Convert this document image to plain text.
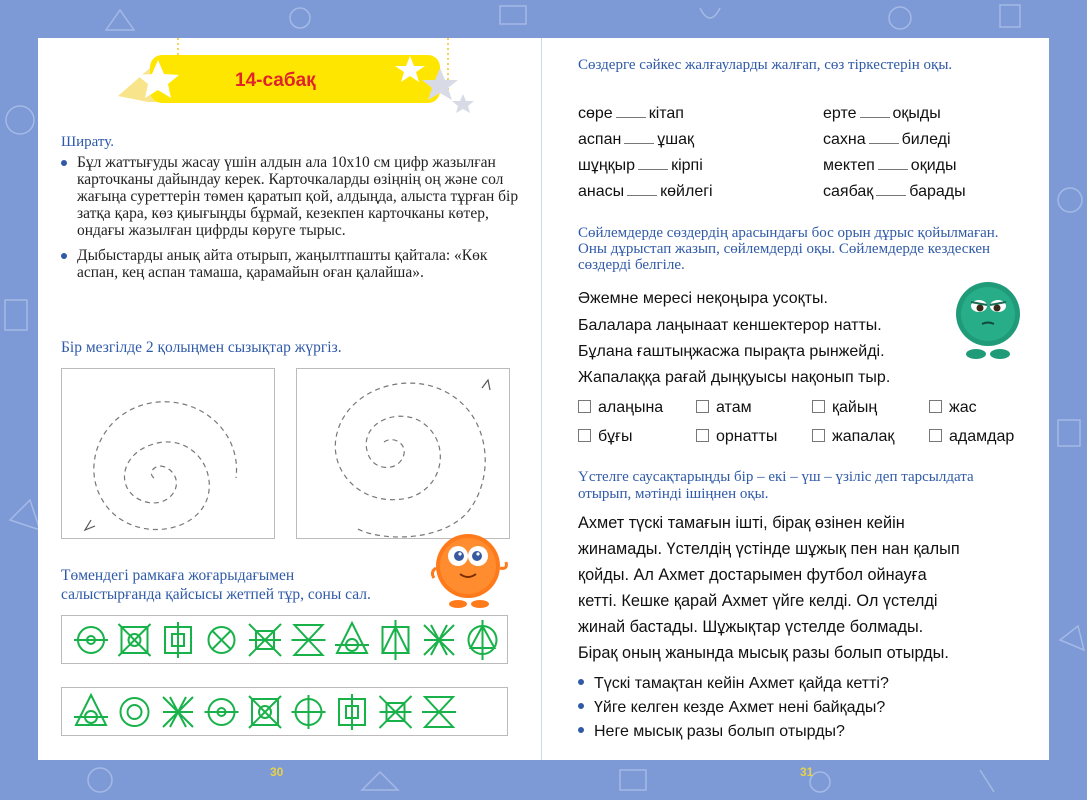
14-сабақ
Ширату.
Бұл жаттығуды жасау үшін алдын ала 10х10 см цифр жазылған карточканы дайындау керек. Карточкаларды өзіңнің оң және сол жағыңа суреттерін төмен қаратып қой, алдыңда, алыста тұрған бір затқа қара, көз қиығыңды бұрмай, кезекпен карточканы көтер, ондағы жазылған цифрды көруге тырыс.
Дыбыстарды анық айта отырып, жаңылтпашты қайтала: «Көк аспан, кең аспан тамаша, қарамайын оған қалайша».
Бір мезгілде 2 қолыңмен сызықтар жүргіз.
Төмендегі рамкаға жоғарыдағымен салыстырғанда қайсысы жетпей тұр, соны сал.
30
Сөздерге сәйкес жалғауларды жалғап, сөз тіркестерін оқы.
сөре кітап
аспан ұшақ
шұңқыр кірпі
анасы көйлегі
ерте оқыды
сахна биледі
мектеп оқиды
саябақ барады
Сөйлемдерде сөздердің арасындағы бос орын дұрыс қойылмаған. Оны дұрыстап жазып, сөйлемдерді оқы. Сөйлемдерде кездескен сөздерді белгіле.
Әжемне мересі неқоңыра усоқты.
Балалара лаңынаат кеншектерор натты.
Бұлана ғаштыңжасжа пырақта рынжейді.
Жапалаққа рағай дыңқуысы нақонып тыр.
алаңына	атам	қайың	жас
бұғы	орнатты	жапалақ	адамдар
Үстелге саусақтарыңды бір – екі – үш – үзіліс деп тарсылдата отырып, мәтінді ішіңнен оқы.

Ахмет түскі тамағын ішті, бірақ өзінен кейін

жинамады. Үстелдің үстінде шұжық пен нан қалып

қойды. Ал Ахмет достарымен футбол ойнауға

кетті. Кешке қарай Ахмет үйге келді. Ол үстелді

жинай бастады. Шұжықтар үстелде болмады.

Бірақ оның жанында мысық разы болып отырды.

Түскі тамақтан кейін Ахмет қайда кетті?
Үйге келген кезде Ахмет нені байқады?
Неге мысық разы болып отырды?
31
